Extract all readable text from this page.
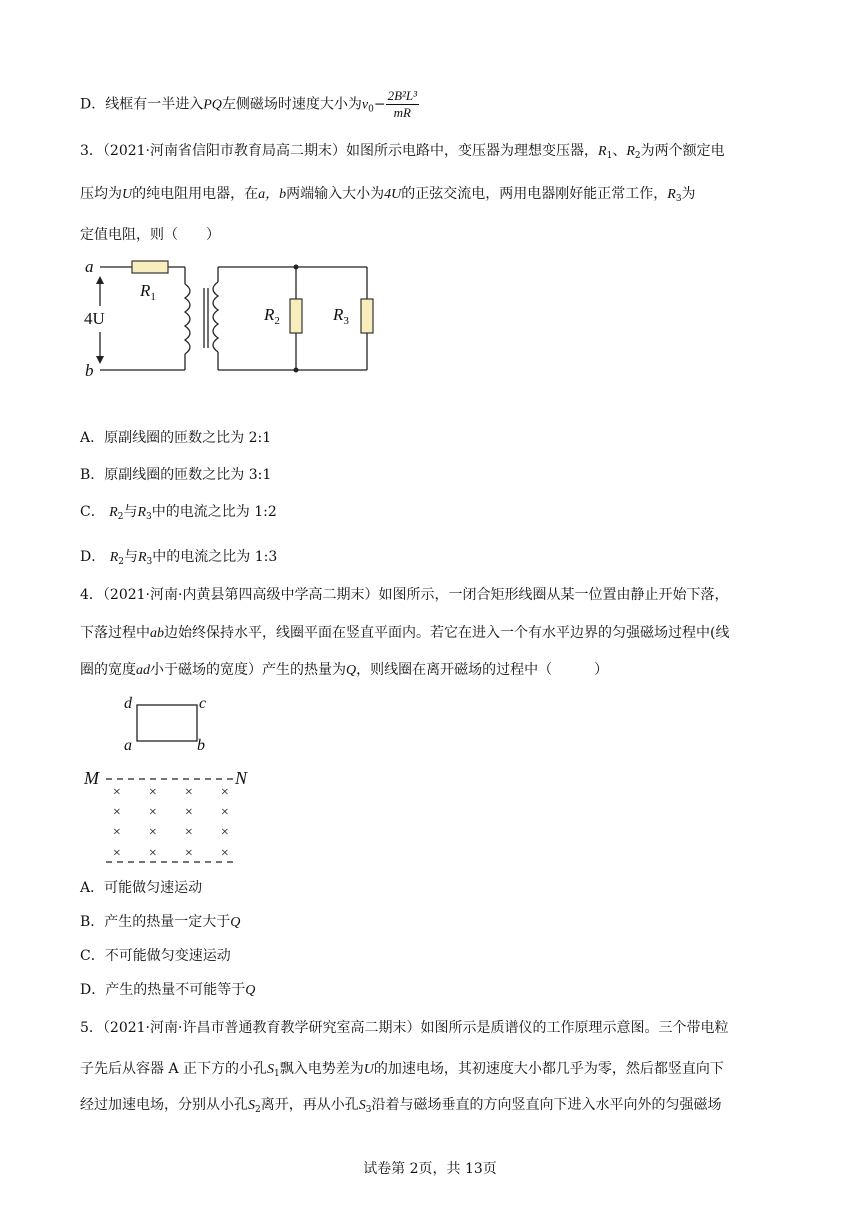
D．线框有一半进入PQ左侧磁场时速度大小为$v_0- \frac{\text{2B²L³}}{mR}$
3．（2021·河南省信阳市教育局高二期末）如图所示电路中，变压器为理想变压器，$R_1$、$R_2$为两个额定电
压均为U的纯电阻用电器，在a，b两端输入大小为4U的正弦交流电，两用电器刚好能正常工作，$R_3$为
定值电阻，则（　　）
a
b
4U
$R_1$
$R_2$	$R_3$
A．原副线圈的匝数之比为 2:1
B．原副线圈的匝数之比为 3:1
C． $R_2$与$R_3$中的电流之比为 1:2
D． $R_2$与$R_3$中的电流之比为 1:3
4．（2021·河南·内黄县第四高级中学高二期末）如图所示，一闭合矩形线圈从某一位置由静止开始下落，
下落过程中ab边始终保持水平，线圈平面在竖直平面内。若它在进入一个有水平边界的匀强磁场过程中(线
圈的宽度ad小于磁场的宽度）产生的热量为Q，则线圈在离开磁场的过程中（　　　）
d	c
a	b
M	N
× × × ×
× × × ×
× × × ×
× × × ×
A．可能做匀速运动
B．产生的热量一定大于Q
C．不可能做匀变速运动
D．产生的热量不可能等于Q
5．（2021·河南·许昌市普通教育教学研究室高二期末）如图所示是质谱仪的工作原理示意图。三个带电粒
子先后从容器 A 正下方的小孔$S_1$飘入电势差为U的加速电场，其初速度大小都几乎为零，然后都竖直向下
经过加速电场，分别从小孔$S_2$离开，再从小孔$S_3$沿着与磁场垂直的方向竖直向下进入水平向外的匀强磁场
试卷第 2页，共 13页
